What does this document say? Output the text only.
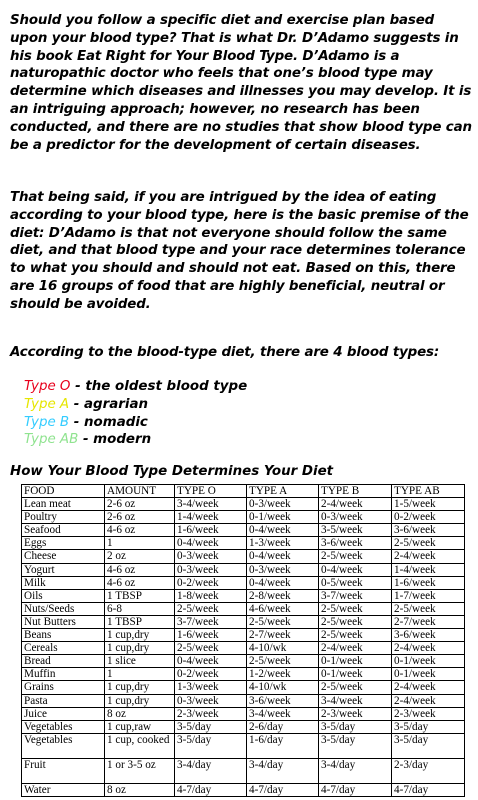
Should you follow a specific diet and exercise plan based upon your blood type? That is what Dr. D’Adamo suggests in his book Eat Right for Your Blood Type. D’Adamo is a naturopathic doctor who feels that one’s blood type may determine which diseases and illnesses you may develop. It is an intriguing approach; however, no research has been conducted, and there are no studies that show blood type can be a predictor for the development of certain diseases.
That being said, if you are intrigued by the idea of eating according to your blood type, here is the basic premise of the diet: D’Adamo is that not everyone should follow the same diet, and that blood type and your race determines tolerance to what you should and should not eat. Based on this, there are 16 groups of food that are highly beneficial, neutral or should be avoided.
According to the blood-type diet, there are 4 blood types:
Type O - the oldest blood type
Type A - agrarian
Type B - nomadic
Type AB - modern
How Your Blood Type Determines Your Diet
FOOD	AMOUNT	TYPE O	TYPE A	TYPE B	TYPE AB
Lean meat	2-6 oz	3-4/week	0-3/week	2-4/week	1-5/week
Poultry	2-6 oz	1-4/week	0-1/week	0-3/week	0-2/week
Seafood	4-6 oz	1-6/week	0-4/week	3-5/week	3-6/week
Eggs	1	0-4/week	1-3/week	3-6/week	2-5/week
Cheese	2 oz	0-3/week	0-4/week	2-5/week	2-4/week
Yogurt	4-6 oz	0-3/week	0-3/week	0-4/week	1-4/week
Milk	4-6 oz	0-2/week	0-4/week	0-5/week	1-6/week
Oils	1 TBSP	1-8/week	2-8/week	3-7/week	1-7/week
Nuts/Seeds	6-8	2-5/week	4-6/week	2-5/week	2-5/week
Nut Butters	1 TBSP	3-7/week	2-5/week	2-5/week	2-7/week
Beans	1 cup,dry	1-6/week	2-7/week	2-5/week	3-6/week
Cereals	1 cup,dry	2-5/week	4-10/wk	2-4/week	2-4/week
Bread	1 slice	0-4/week	2-5/week	0-1/week	0-1/week
Muffin	1	0-2/week	1-2/week	0-1/week	0-1/week
Grains	1 cup,dry	1-3/week	4-10/wk	2-5/week	2-4/week
Pasta	1 cup,dry	0-3/week	3-6/week	3-4/week	2-4/week
Juice	8 oz	2-3/week	3-4/week	2-3/week	2-3/week
Vegetables	1 cup,raw	3-5/day	2-6/day	3-5/day	3-5/day
Vegetables	1 cup, cooked	3-5/day	1-6/day	3-5/day	3-5/day
Fruit	1 or 3-5 oz	3-4/day	3-4/day	3-4/day	2-3/day
Water	8 oz	4-7/day	4-7/day	4-7/day	4-7/day
